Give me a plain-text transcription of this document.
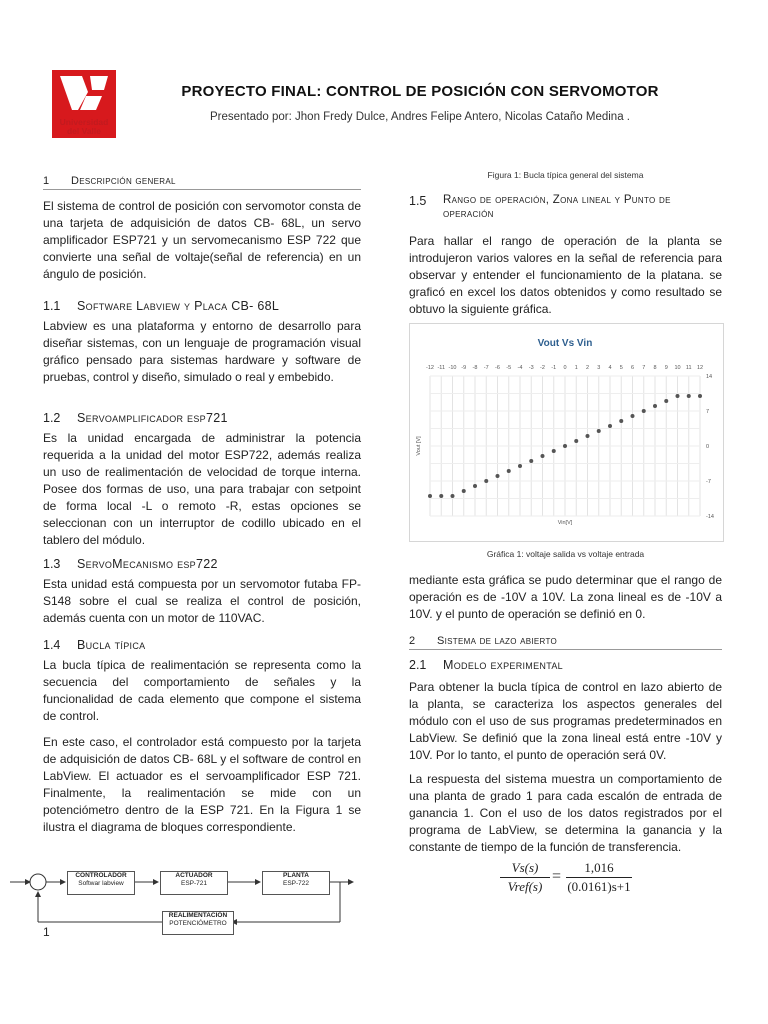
Universidad
del Valle
PROYECTO FINAL: CONTROL DE POSICIÓN CON SERVOMOTOR
Presentado por: Jhon Fredy Dulce, Andres Felipe Antero, Nicolas Cataño Medina .
1 Descripción general
El sistema de control de posición con servomotor consta de una tarjeta de adquisición de datos CB- 68L, un servo amplificador ESP721 y un servomecanismo ESP 722 que convierte una señal de voltaje(señal de referencia) en un ángulo de posición.
1.1 Software Labview y Placa CB- 68L
Labview es una plataforma y entorno de desarrollo para diseñar sistemas, con un lenguaje de programación visual gráfico pensado para sistemas hardware y software de pruebas, control y diseño, simulado o real y embebido.
1.2 Servoamplificador esp721
Es la unidad encargada de administrar la potencia requerida a la unidad del motor ESP722, además realiza un uso de realimentación de velocidad de torque interna. Posee dos formas de uso, una para trabajar con setpoint de forma local -L o remoto -R, estas opciones se seleccionan con un interruptor de codillo ubicado en el tablero del módulo.
1.3 ServoMecanismo esp722
Esta unidad está compuesta por un servomotor futaba FP-S148 sobre el cual se realiza el control de posición, además cuenta con un motor de 110VAC.
1.4 Bucla típica
La bucla típica de realimentación se representa como la secuencia del comportamiento de señales y la funcionalidad de cada elemento que compone el sistema de control.
En este caso, el controlador está compuesto por la tarjeta de adquisición de datos CB- 68L y el software de control en LabView. El actuador es el servoamplificador ESP 721. Finalmente, la realimentación se mide con un potenciómetro dentro de la ESP 721. En la Figura 1 se ilustra el diagrama de bloques correspondiente.
CONTROLADOR
Softwar labview
ACTUADOR
ESP-721
PLANTA
ESP-722
REALIMENTACIÓN
POTENCIÓMETRO
1
Figura 1: Bucla típica general del sistema
1.5	Rango de operación, Zona lineal y Punto de
operación
Para hallar el rango de operación de la planta se introdujeron varios valores en la señal de referencia para observar y entender el funcionamiento de la platana. se graficó en excel los datos obtenidos y como resultado se obtuvo la siguiente gráfica.
Vout Vs Vin
-12 -11 -10 -9 -8 -7 -6 -5 -4 -3 -2 -1 0 1 2 3 4 5 6 7 8 9 10 11 12
14
7
0
-7
-14
Vin[V]
Vout [V]
Gráfica 1: voltaje salida vs voltaje entrada
mediante esta gráfica se pudo determinar que el rango de operación es de -10V a 10V. La zona lineal es de -10V a 10V. y el punto de operación se definió en 0.
2 Sistema de lazo abierto
2.1 Modelo experimental
Para obtener la bucla típica de control en lazo abierto de la planta, se caracteriza los aspectos generales del módulo con el uso de sus programas predeterminados en LabView. Se definió que la zona lineal está entre -10V y 10V. Por lo tanto, el punto de operación será 0V.
La respuesta del sistema muestra un comportamiento de una planta de grado 1 para cada escalón de entrada de ganancia 1. Con el uso de los datos registrados por el programa de LabView, se determina la ganancia y la constante de tiempo de la función de transferencia.
Vs(s)
Vref(s)
=
1,016
(0.0161)s+1
